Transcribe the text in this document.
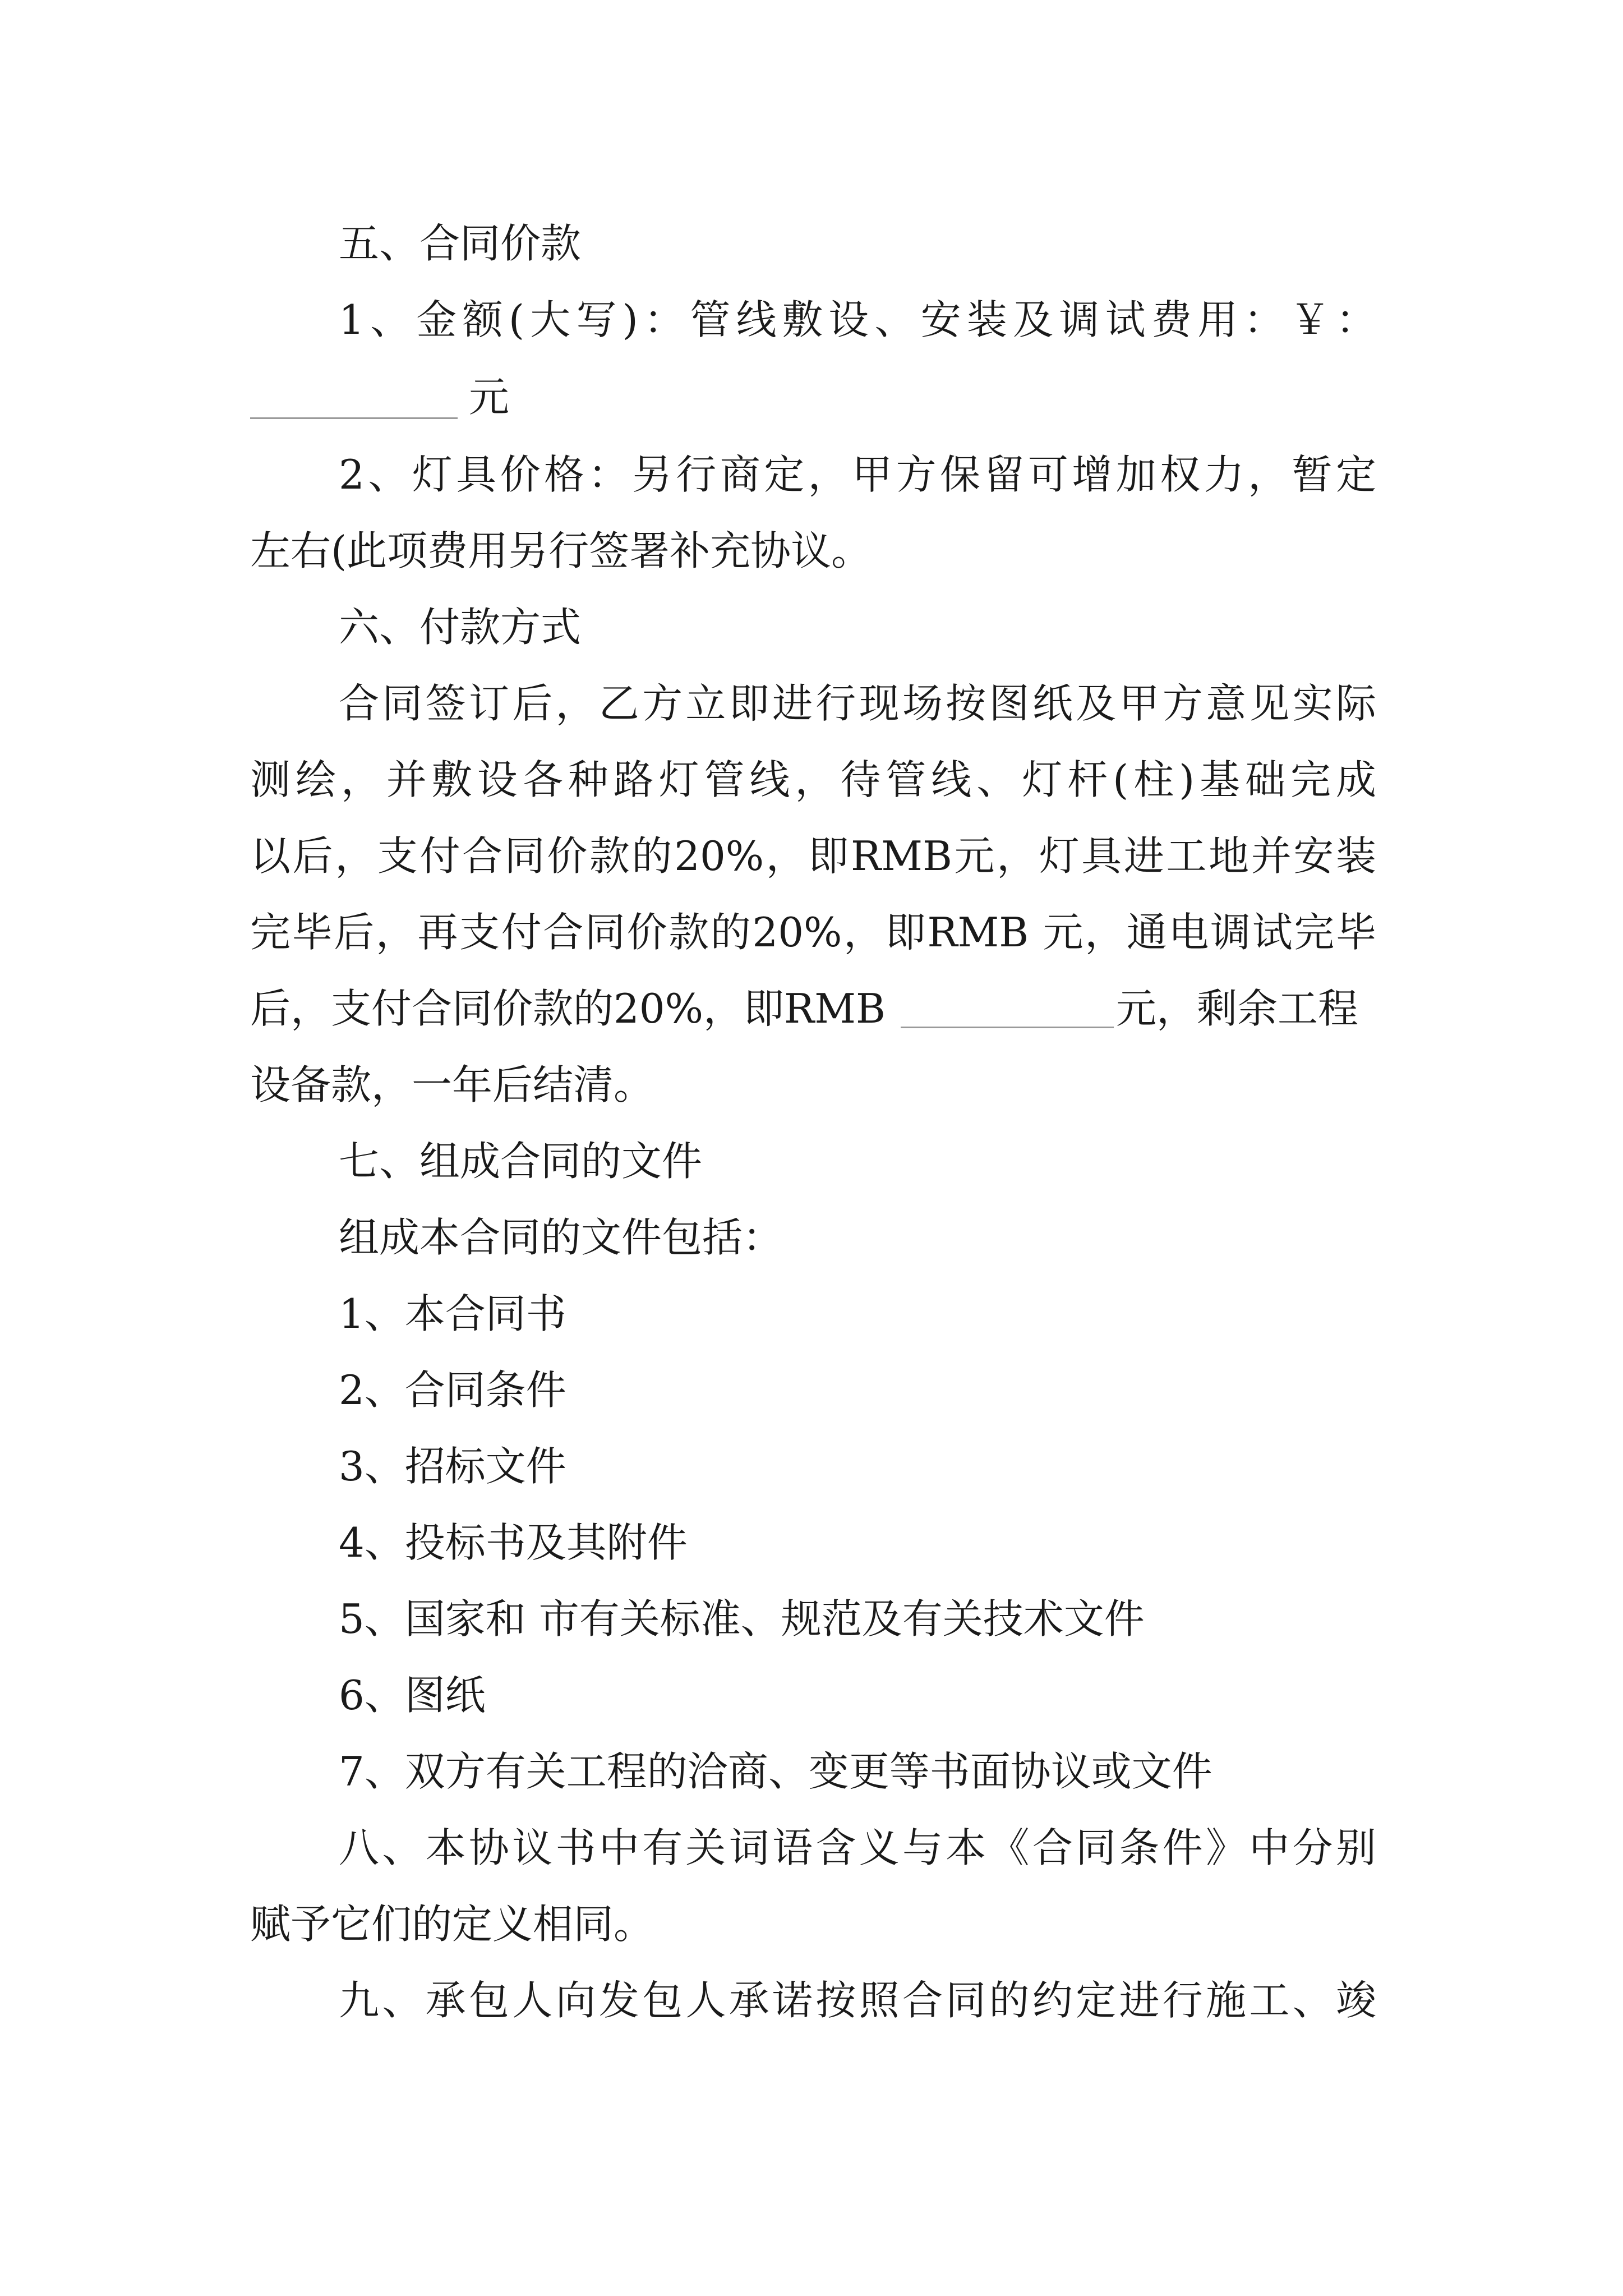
五、合同价款
1、金额(大写)：管线敷设、安装及调试费用：￥：
元
2、灯具价格：另行商定，甲方保留可增加权力，暂定
左右(此项费用另行签署补充协议。
六、付款方式
合同签订后，乙方立即进行现场按图纸及甲方意见实际
测绘，并敷设各种路灯管线，待管线、灯杆(柱)基础完成
以后，支付合同价款的20%，即RMB元，灯具进工地并安装
完毕后，再支付合同价款的20%，即RMB 元，通电调试完毕
后，支付合同价款的20%，即RMB	元，剩余工程
设备款，一年后结清。
七、组成合同的文件
组成本合同的文件包括：
1、本合同书
2、合同条件
3、招标文件
4、投标书及其附件
5、国家和 市有关标准、规范及有关技术文件
6、图纸
7、双方有关工程的洽商、变更等书面协议或文件
八、本协议书中有关词语含义与本《合同条件》中分别
赋予它们的定义相同。
九、承包人向发包人承诺按照合同的约定进行施工、竣
